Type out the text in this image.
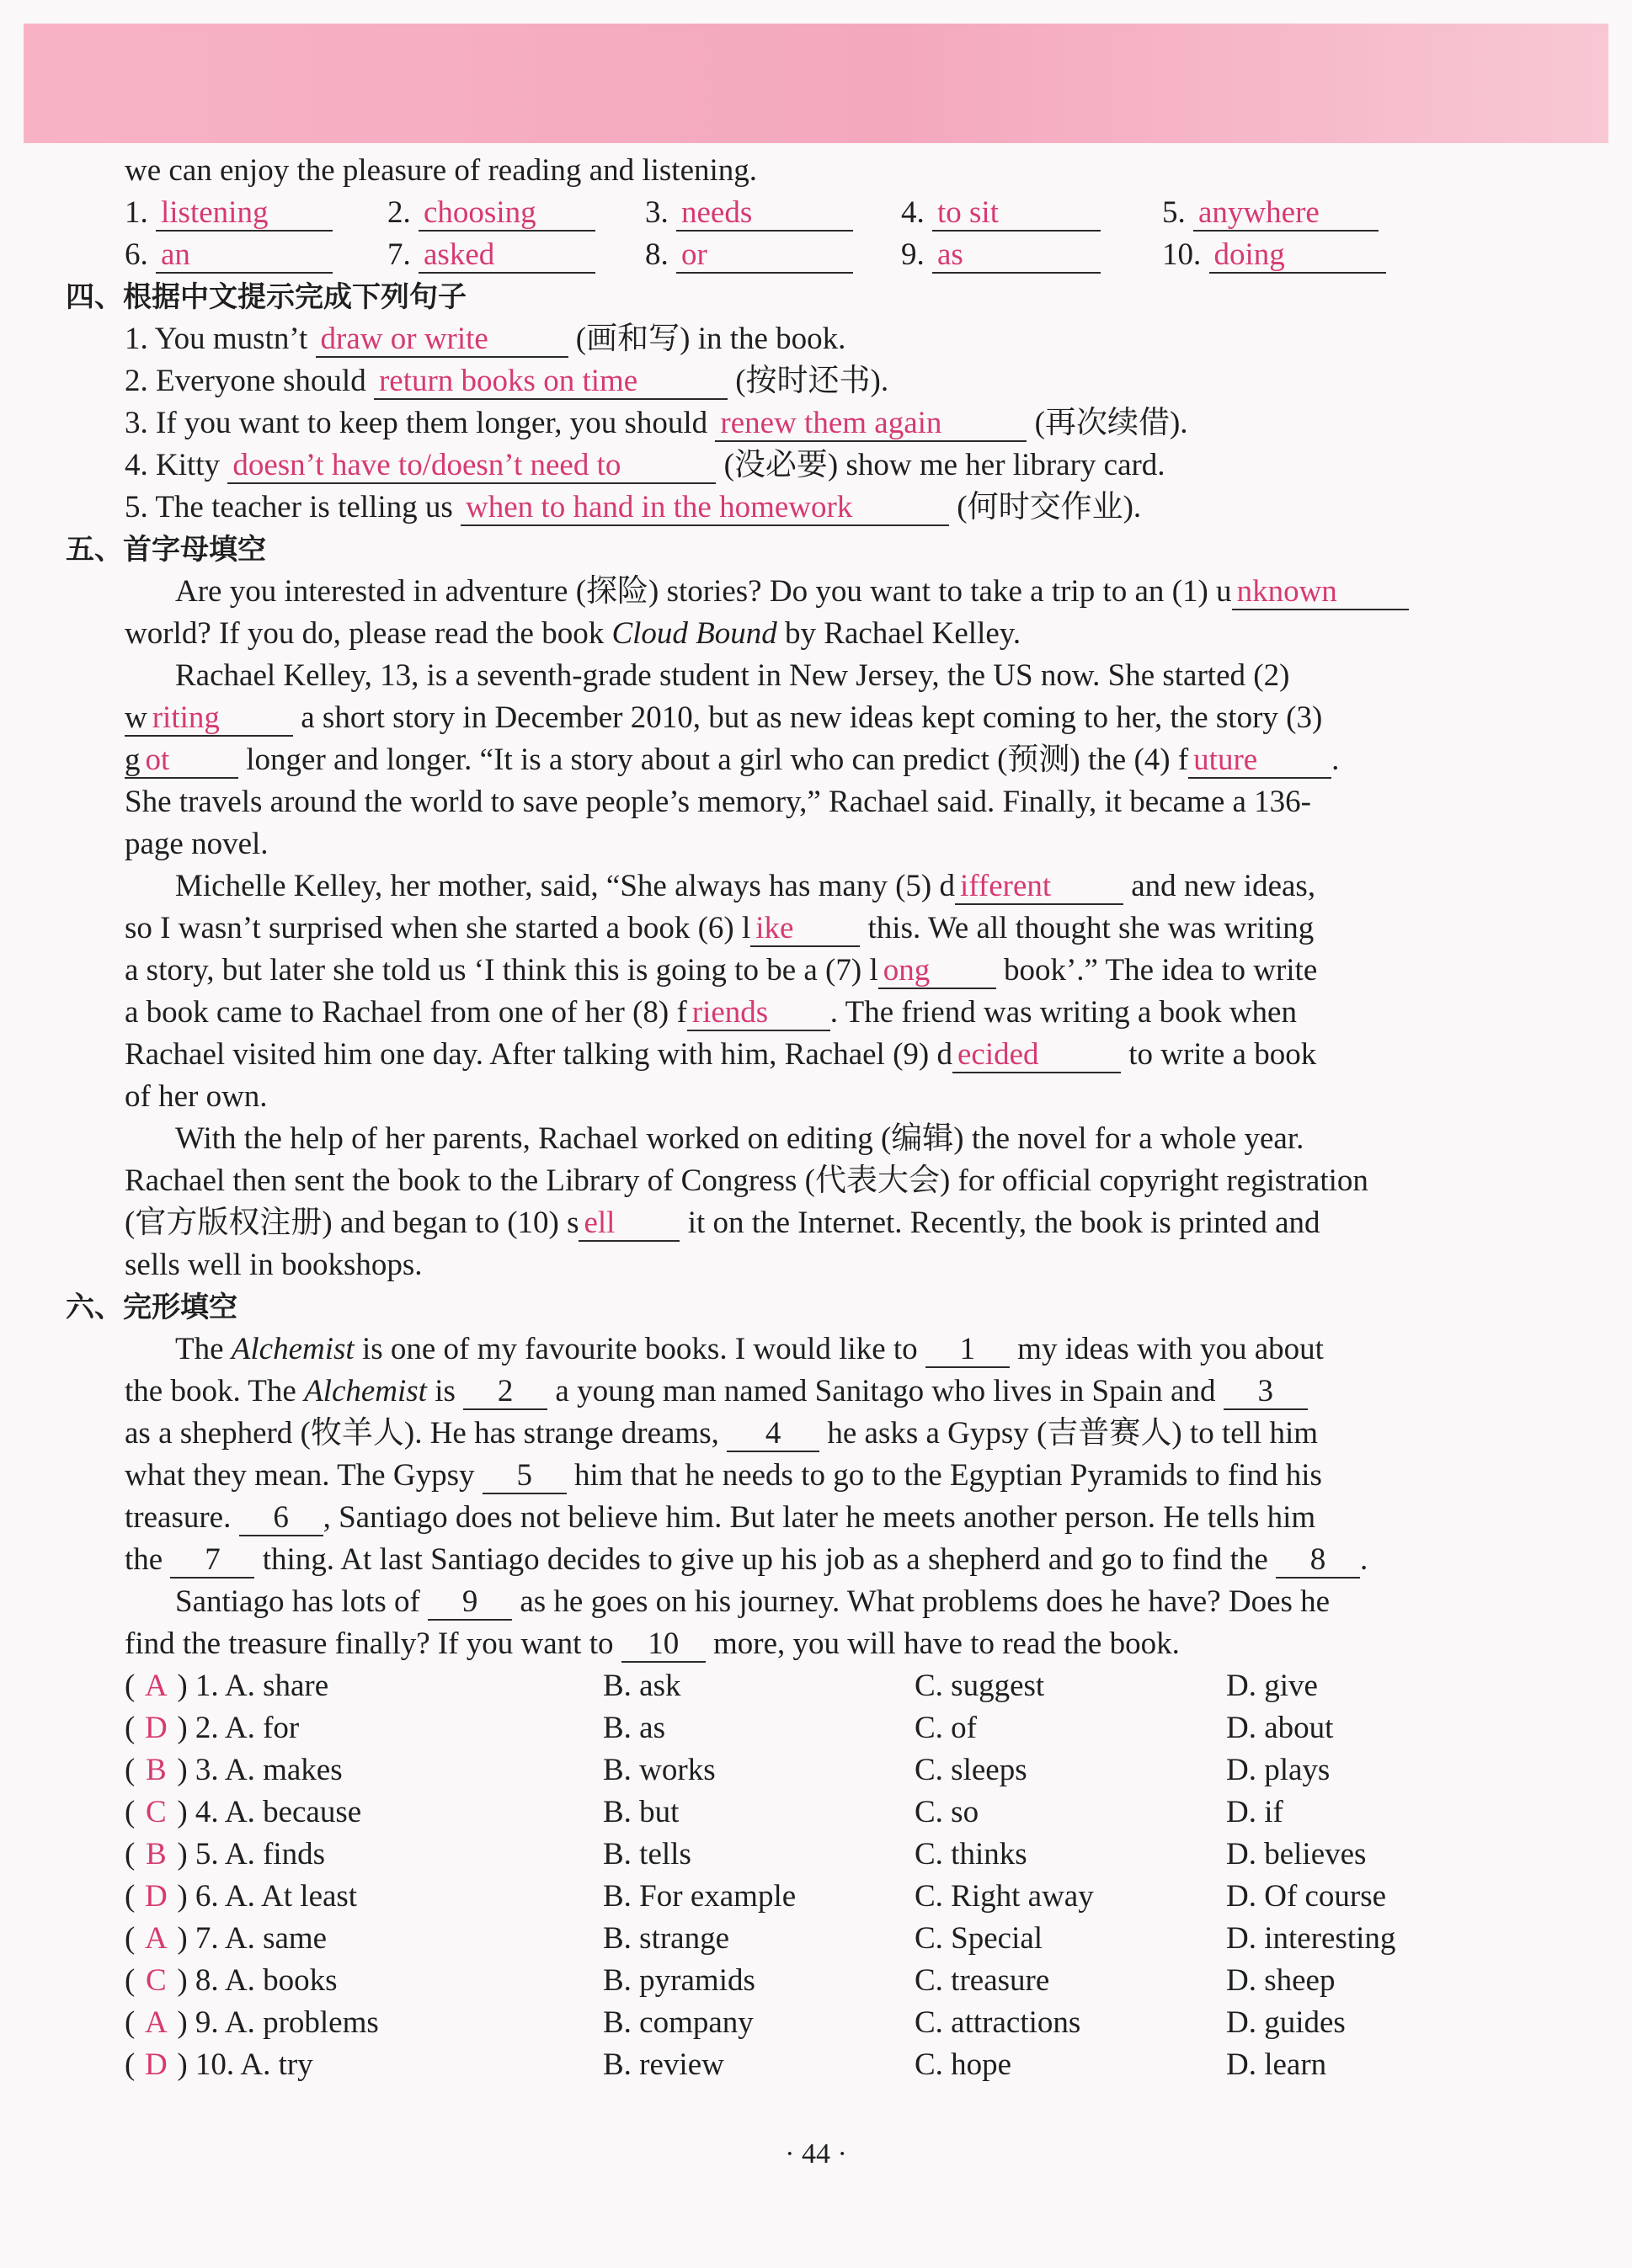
we can enjoy the pleasure of reading and listening.
1. listening	2. choosing	3. needs	4. to sit	5. anywhere
6. an	7. asked	8. or	9. as	10. doing
四、根据中文提示完成下列句子
1. You mustn’t draw or write	(画和写) in the book.
2. Everyone should return books on time	(按时还书).
3. If you want to keep them longer, you should renew them again	(再次续借).
4. Kitty doesn’t have to/doesn’t need to	(没必要) show me her library card.
5. The teacher is telling us when to hand in the homework	(何时交作业).
五、首字母填空
Are you interested in adventure (探险) stories? Do you want to take a trip to an (1) u nknown
world? If you do, please read the book Cloud Bound by Rachael Kelley.
Rachael Kelley, 13, is a seventh-grade student in New Jersey, the US now. She started (2)
w riting a short story in December 2010, but as new ideas kept coming to her, the story (3)
g ot longer and longer. “It is a story about a girl who can predict (预测) the (4) f uture .
She travels around the world to save people’s memory,” Rachael said. Finally, it became a 136-
page novel.
Michelle Kelley, her mother, said, “She always has many (5) d ifferent and new ideas,
so I wasn’t surprised when she started a book (6) l ike this. We all thought she was writing
a story, but later she told us ‘I think this is going to be a (7) l ong book’.” The idea to write
a book came to Rachael from one of her (8) f riends . The friend was writing a book when
Rachael visited him one day. After talking with him, Rachael (9) d ecided	to write a book
of her own.
With the help of her parents, Rachael worked on editing (编辑) the novel for a whole year.
Rachael then sent the book to the Library of Congress (代表大会) for official copyright registration
(官方版权注册) and began to (10) s ell it on the Internet. Recently, the book is printed and
sells well in bookshops.
六、完形填空
The Alchemist is one of my favourite books. I would like to 1 my ideas with you about
the book. The Alchemist is 2 a young man named Sanitago who lives in Spain and 3
as a shepherd (牧羊人). He has strange dreams, 4 he asks a Gypsy (吉普赛人) to tell him
what they mean. The Gypsy 5 him that he needs to go to the Egyptian Pyramids to find his
treasure. 6 , Santiago does not believe him. But later he meets another person. He tells him
the 7 thing. At last Santiago decides to give up his job as a shepherd and go to find the 8 .
Santiago has lots of 9 as he goes on his journey. What problems does he have? Does he
find the treasure finally? If you want to 10 more, you will have to read the book.
( A ) 1. A. share	B. ask	C. suggest	D. give
( D ) 2. A. for	B. as	C. of	D. about
( B ) 3. A. makes	B. works	C. sleeps	D. plays
( C ) 4. A. because	B. but	C. so	D. if
( B ) 5. A. finds	B. tells	C. thinks	D. believes
( D ) 6. A. At least	B. For example	C. Right away	D. Of course
( A ) 7. A. same	B. strange	C. Special	D. interesting
( C ) 8. A. books	B. pyramids	C. treasure	D. sheep
( A ) 9. A. problems	B. company	C. attractions	D. guides
( D ) 10. A. try	B. review	C. hope	D. learn
· 44 ·
